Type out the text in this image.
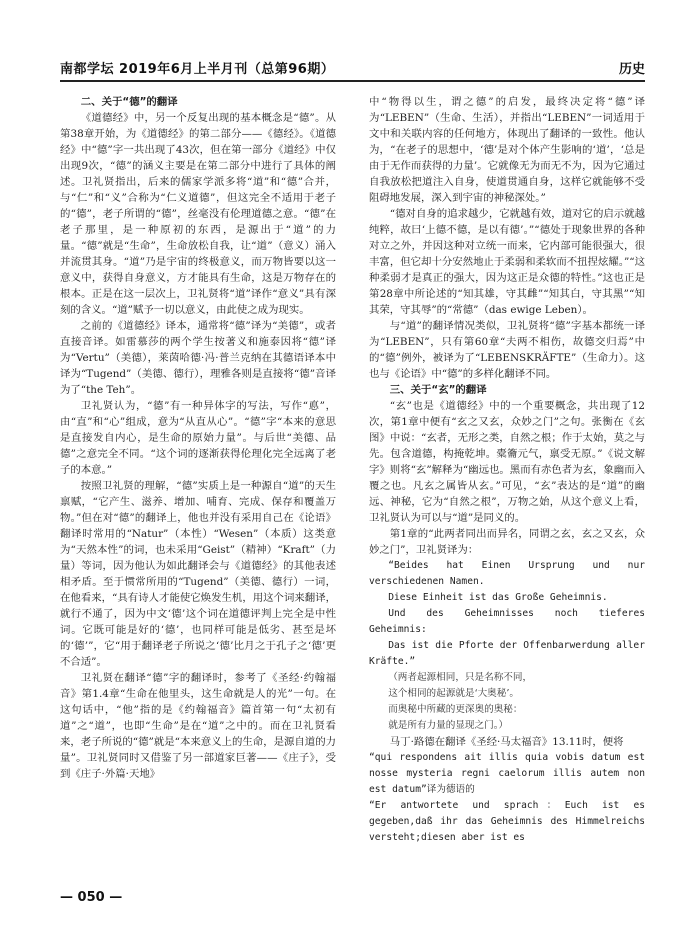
南都学坛 2019年6月上半月刊（总第96期）	历史

二、关于“德”的翻译

《道德经》中，另一个反复出现的基本概念是“德”。从第38章开始，为《道德经》的第二部分——《德经》。《道德经》中“德”字一共出现了43次，但在第一部分《道经》中仅出现9次，“德”的涵义主要是在第二部分中进行了具体的阐述。卫礼贤指出，后来的儒家学派多将“道”和“德”合并，与“仁”和“义”合称为“仁义道德”，但这完全不适用于老子的“德”，老子所谓的“德”，丝毫没有伦理道德之意。“德”在老子那里，是一种原初的东西，是源出于“道”的力量。“德”就是“生命”，生命放松自我，让“道”（意义）涌入并流贯其身。“道”乃是宇宙的终极意义，而万物皆要以这一意义中，获得自身意义，方才能具有生命，这是万物存在的根本。正是在这一层次上，卫礼贤将“道”译作“意义”具有深刻的含义。“道”赋予一切以意义，由此使之成为现实。

之前的《道德经》译本，通常将“德”译为“美德”，或者直接音译。如雷慕莎的两个学生按著义和施泰因将“德”译为“Vertu”（美德），莱茵哈德·冯·普兰克纳在其德语译本中译为“Tugend”（美德、德行），理雅各则是直接将“德”音译为了“the Teh”。

卫礼贤认为，“德”有一种异体字的写法，写作“悳”，由“直”和“心”组成，意为“从直从心”。“德”字“本来的意思是直接发自内心，是生命的原始力量”。与后世“美德、品德”之意完全不同。“这个词的逐渐获得伦理化完全远离了老子的本意。”

按照卫礼贤的理解，“德”实质上是一种源自“道”的天生禀赋，“它产生、滋养、增加、哺育、完成、保存和覆盖万物。”但在对“德”的翻译上，他也并没有采用自己在《论语》翻译时常用的“Natur”（本性）“Wesen”（本质）这类意为“天然本性”的词，也未采用“Geist”（精神）“Kraft”（力量）等词，因为他认为如此翻译会与《道德经》的其他表述相矛盾。至于惯常所用的“Tugend”（美德、德行）一词，在他看来，“具有诗人才能使它焕发生机，用这个词来翻译，就行不通了，因为中文‘德’这个词在道德评判上完全是中性词。它既可能是好的‘德’，也同样可能是低劣、甚至是坏的‘德’”，它“用于翻译老子所说之‘德’比月之于孔子之‘德’更不合适”。

卫礼贤在翻译“德”字的翻译时，参考了《圣经·约翰福音》第1.4章“生命在他里头，这生命就是人的光”一句。在这句话中，“他”指的是《约翰福音》篇首第一句“太初有道”之“道”，也即“生命”是在“道”之中的。而在卫礼贤看来，老子所说的“德”就是“本来意义上的生命，是源自道的力量”。卫礼贤同时又借鉴了另一部道家巨著——《庄子》，受到《庄子·外篇·天地》

中“物得以生，谓之德”的启发，最终决定将“德”译为“LEBEN”（生命、生活），并指出“LEBEN”一词适用于文中和关联内容的任何地方，体现出了翻译的一致性。他认为，“在老子的思想中，‘德’是对个体产生影响的‘道’，‘总是由于无作而获得的力量’。它就像无为而无不为，因为它通过自我放松把道注入自身，使道贯通自身，这样它就能够不受阻碍地发展，深入到宇宙的神秘深处。”

“德对自身的追求越少，它就越有效，道对它的启示就越纯粹，故曰‘上德不德，是以有德’。”“德处于现象世界的各种对立之外，并因这种对立统一而来，它内部可能很强大，很丰富，但它却十分安然地止于柔弱和柔软而不扭捏炫耀。”“这种柔弱才是真正的强大，因为这正是众德的特性。”这也正是第28章中所论述的“知其雄，守其雌”“知其白，守其黑”“知其荣，守其辱”的“常德”（das ewige Leben）。

与“道”的翻译情况类似，卫礼贤将“德”字基本都统一译为“LEBEN”，只有第60章“夫两不相伤，故德交归焉”中的“德”例外，被译为了“LEBENSKRÄFTE”（生命力）。这也与《论语》中“德”的多样化翻译不同。

三、关于“玄”的翻译

“玄”也是《道德经》中的一个重要概念，共出现了12次，第1章中便有“玄之又玄，众妙之门”之句。张衡在《玄图》中说：“玄者，无形之类，自然之根；作于太始，莫之与先。包含道德，构掩乾坤。橐籥元气，禀受无原。”《说文解字》则将“玄”解释为“幽远也。黑而有赤色者为玄，象幽而入覆之也。凡玄之属皆从玄。”可见，“玄”表达的是“道”的幽远、神秘，它为“自然之根”，万物之始，从这个意义上看，卫礼贤认为可以与“道”是同义的。

第1章的“此两者同出而异名，同谓之玄，玄之又玄，众妙之门”，卫礼贤译为：

“Beides hat Einen Ursprung und nur verschiedenen Namen.

Diese Einheit ist das Große Geheimnis.

Und des Geheimnisses noch tieferes Geheimnis:

Das ist die Pforte der Offenbarwerdung aller Kräfte.”

（两者起源相同，只是名称不同，

这个相同的起源就是‘大奥秘’。

而奥秘中所藏的更深奥的奥秘：

就是所有力量的显现之门。）

马丁·路德在翻译《圣经·马太福音》13.11时，便将

“qui respondens ait illis quia vobis datum est nosse mysteria regni caelorum illis autem non est datum”译为德语的

“Er antwortete und sprach：Euch ist es gegeben,daß ihr das Geheimnis des Himmelreichs versteht;diesen aber ist es

— 050 —
